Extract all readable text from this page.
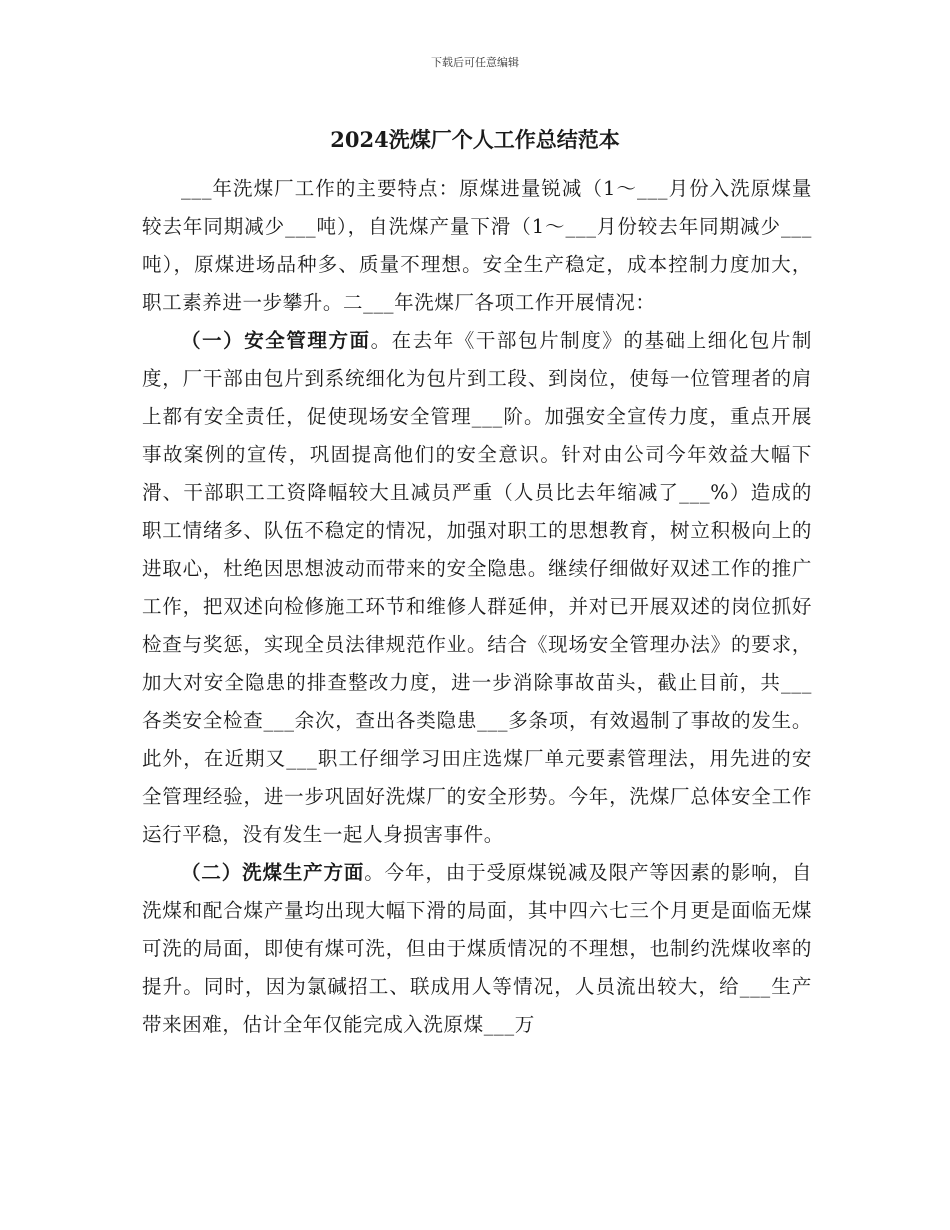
下载后可任意编辑
2024洗煤厂个人工作总结范本

___年洗煤厂工作的主要特点：原煤进量锐减（1～___月份入洗原煤量较去年同期减少___吨），自洗煤产量下滑（1～___月份较去年同期减少___吨），原煤进场品种多、质量不理想。安全生产稳定，成本控制力度加大，职工素养进一步攀升。二___年洗煤厂各项工作开展情况：

（一）安全管理方面。在去年《干部包片制度》的基础上细化包片制度，厂干部由包片到系统细化为包片到工段、到岗位，使每一位管理者的肩上都有安全责任，促使现场安全管理___阶。加强安全宣传力度，重点开展事故案例的宣传，巩固提高他们的安全意识。针对由公司今年效益大幅下滑、干部职工工资降幅较大且减员严重（人员比去年缩减了___%）造成的职工情绪多、队伍不稳定的情况，加强对职工的思想教育，树立积极向上的进取心，杜绝因思想波动而带来的安全隐患。继续仔细做好双述工作的推广工作，把双述向检修施工环节和维修人群延伸，并对已开展双述的岗位抓好检查与奖惩，实现全员法律规范作业。结合《现场安全管理办法》的要求，加大对安全隐患的排查整改力度，进一步消除事故苗头，截止目前，共___各类安全检查___余次，查出各类隐患___多条项，有效遏制了事故的发生。此外，在近期又___职工仔细学习田庄选煤厂单元要素管理法，用先进的安全管理经验，进一步巩固好洗煤厂的安全形势。今年，洗煤厂总体安全工作运行平稳，没有发生一起人身损害事件。

（二）洗煤生产方面。今年，由于受原煤锐减及限产等因素的影响，自洗煤和配合煤产量均出现大幅下滑的局面，其中四六七三个月更是面临无煤可洗的局面，即使有煤可洗，但由于煤质情况的不理想，也制约洗煤收率的提升。同时，因为氯碱招工、联成用人等情况，人员流出较大，给___生产带来困难，估计全年仅能完成入洗原煤___万
